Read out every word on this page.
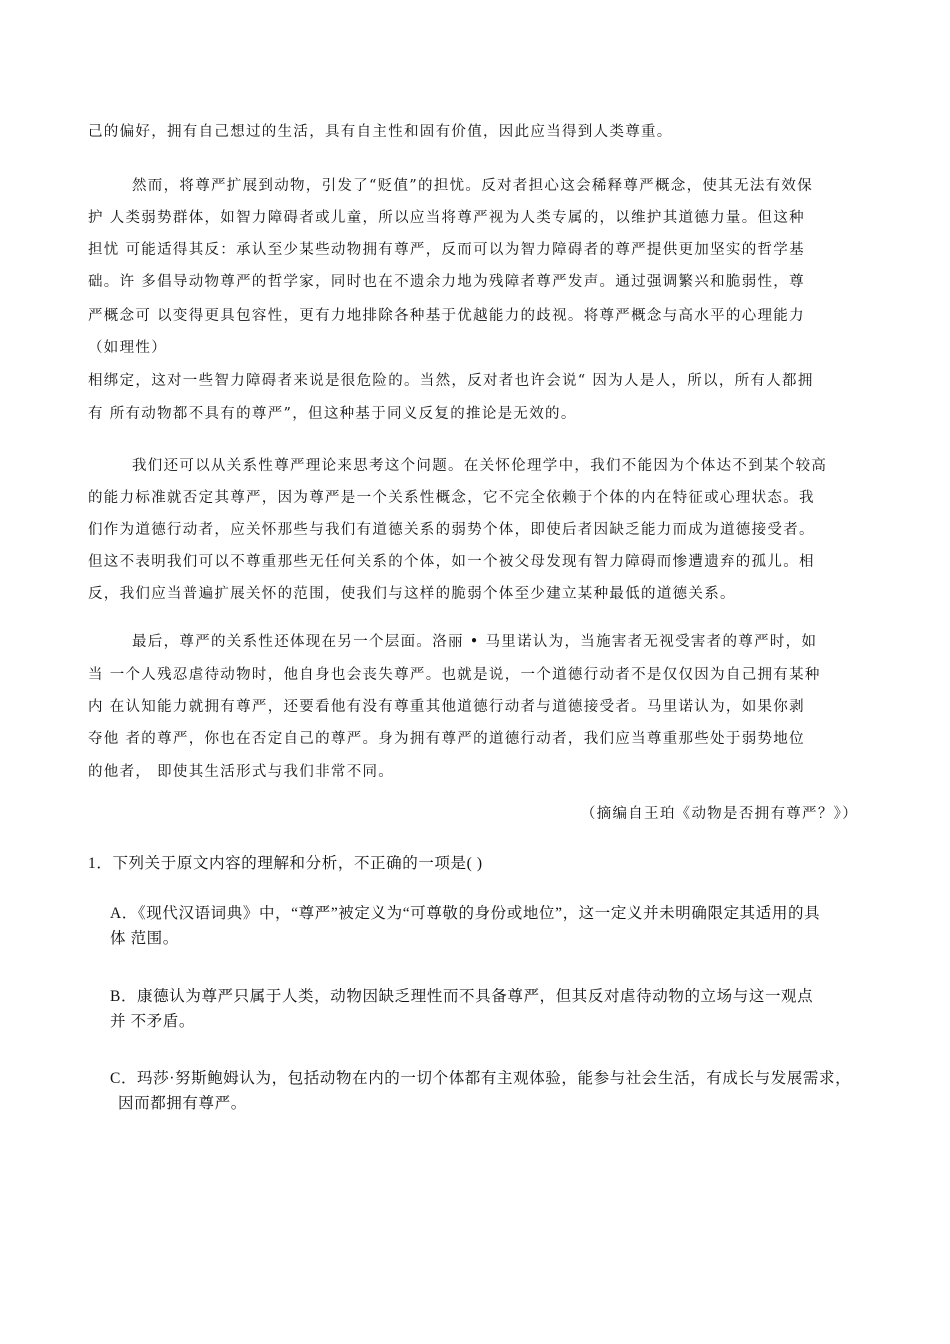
己的偏好，拥有自己想过的生活，具有自主性和固有价值，因此应当得到人类尊重。
然而，将尊严扩展到动物，引发了“贬值”的担忧。反对者担心这会稀释尊严概念，使其无法有效保
护 人类弱势群体，如智力障碍者或儿童，所以应当将尊严视为人类专属的，以维护其道德力量。但这种
担忧 可能适得其反：承认至少某些动物拥有尊严，反而可以为智力障碍者的尊严提供更加坚实的哲学基
础。许 多倡导动物尊严的哲学家，同时也在不遗余力地为残障者尊严发声。通过强调繁兴和脆弱性，尊
严概念可 以变得更具包容性，更有力地排除各种基于优越能力的歧视。将尊严概念与高水平的心理能力
（如理性）
相绑定，这对一些智力障碍者来说是很危险的。当然，反对者也许会说“ 因为人是人，所以，所有人都拥
有 所有动物都不具有的尊严”，但这种基于同义反复的推论是无效的。
我们还可以从关系性尊严理论来思考这个问题。在关怀伦理学中，我们不能因为个体达不到某个较高
的能力标准就否定其尊严，因为尊严是一个关系性概念，它不完全依赖于个体的内在特征或心理状态。我
们作为道德行动者，应关怀那些与我们有道德关系的弱势个体，即使后者因缺乏能力而成为道德接受者。
但这不表明我们可以不尊重那些无任何关系的个体，如一个被父母发现有智力障碍而惨遭遗弃的孤儿。相
反，我们应当普遍扩展关怀的范围，使我们与这样的脆弱个体至少建立某种最低的道德关系。
最后，尊严的关系性还体现在另一个层面。洛丽 • 马里诺认为，当施害者无视受害者的尊严时，如
当 一个人残忍虐待动物时，他自身也会丧失尊严。也就是说，一个道德行动者不是仅仅因为自己拥有某种
内 在认知能力就拥有尊严，还要看他有没有尊重其他道德行动者与道德接受者。马里诺认为，如果你剥
夺他 者的尊严，你也在否定自己的尊严。身为拥有尊严的道德行动者，我们应当尊重那些处于弱势地位
的他者， 即使其生活形式与我们非常不同。
（摘编自王珀《动物是否拥有尊严？》）
1．下列关于原文内容的理解和分析，不正确的一项是( )
A．《现代汉语词典》中，“尊严”被定义为“可尊敬的身份或地位”，这一定义并未明确限定其适用的具
体 范围。
B．康德认为尊严只属于人类，动物因缺乏理性而不具备尊严，但其反对虐待动物的立场与这一观点
并 不矛盾。
C．玛莎·努斯鲍姆认为，包括动物在内的一切个体都有主观体验，能参与社会生活，有成长与发展需求，
因而都拥有尊严。
